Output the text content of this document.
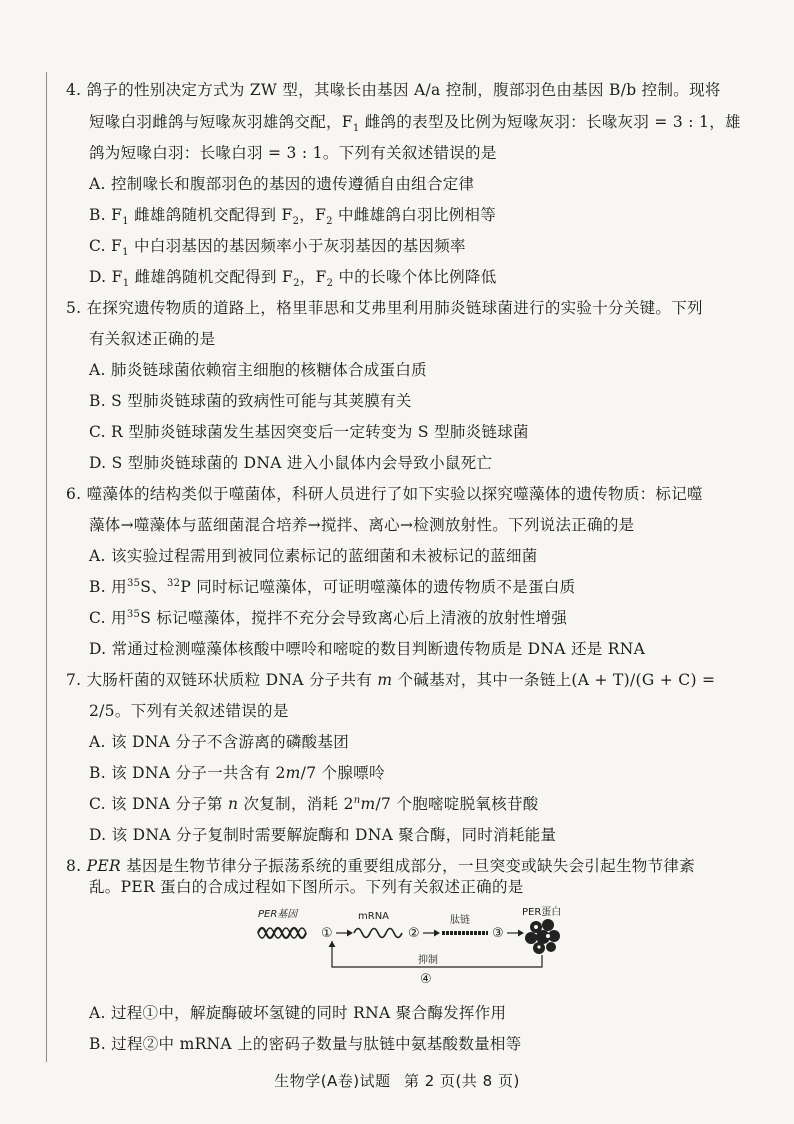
4. 鸽子的性别决定方式为 ZW 型，其喙长由基因 A/a 控制，腹部羽色由基因 B/b 控制。现将
短喙白羽雌鸽与短喙灰羽雄鸽交配，$F_1$ 雌鸽的表型及比例为短喙灰羽：长喙灰羽 = 3 : 1，雄
鸽为短喙白羽：长喙白羽 = 3 : 1。下列有关叙述错误的是
A. 控制喙长和腹部羽色的基因的遗传遵循自由组合定律
B. $F_1$ 雌雄鸽随机交配得到 $F_2$，$F_2$ 中雌雄鸽白羽比例相等
C. $F_1$ 中白羽基因的基因频率小于灰羽基因的基因频率
D. $F_1$ 雌雄鸽随机交配得到 $F_2$，$F_2$ 中的长喙个体比例降低
5. 在探究遗传物质的道路上，格里菲思和艾弗里利用肺炎链球菌进行的实验十分关键。下列
有关叙述正确的是
A. 肺炎链球菌依赖宿主细胞的核糖体合成蛋白质
B. S 型肺炎链球菌的致病性可能与其荚膜有关
C. R 型肺炎链球菌发生基因突变后一定转变为 S 型肺炎链球菌
D. S 型肺炎链球菌的 DNA 进入小鼠体内会导致小鼠死亡
6. 噬藻体的结构类似于噬菌体，科研人员进行了如下实验以探究噬藻体的遗传物质：标记噬
藻体→噬藻体与蓝细菌混合培养→搅拌、离心→检测放射性。下列说法正确的是
A. 该实验过程需用到被同位素标记的蓝细菌和未被标记的蓝细菌
B. 用$^{35}$S、$^{32}$P 同时标记噬藻体，可证明噬藻体的遗传物质不是蛋白质
C. 用$^{35}$S 标记噬藻体，搅拌不充分会导致离心后上清液的放射性增强
D. 常通过检测噬藻体核酸中嘌呤和嘧啶的数目判断遗传物质是 DNA 还是 RNA
7. 大肠杆菌的双链环状质粒 DNA 分子共有 m 个碱基对，其中一条链上(A + T)/(G + C) =
2/5。下列有关叙述错误的是
A. 该 DNA 分子不含游离的磷酸基团
B. 该 DNA 分子一共含有 2m/7 个腺嘌呤
C. 该 DNA 分子第 n 次复制，消耗 2$^n$m/7 个胞嘧啶脱氧核苷酸
D. 该 DNA 分子复制时需要解旋酶和 DNA 聚合酶，同时消耗能量
8. PER 基因是生物节律分子振荡系统的重要组成部分，一旦突变或缺失会引起生物节律紊
乱。PER 蛋白的合成过程如下图所示。下列有关叙述正确的是
PER基因
①
mRNA
②
肽链
③
PER蛋白
抑制
④
A. 过程①中，解旋酶破坏氢键的同时 RNA 聚合酶发挥作用
B. 过程②中 mRNA 上的密码子数量与肽链中氨基酸数量相等
生物学(A卷)试题 第 2 页(共 8 页)
